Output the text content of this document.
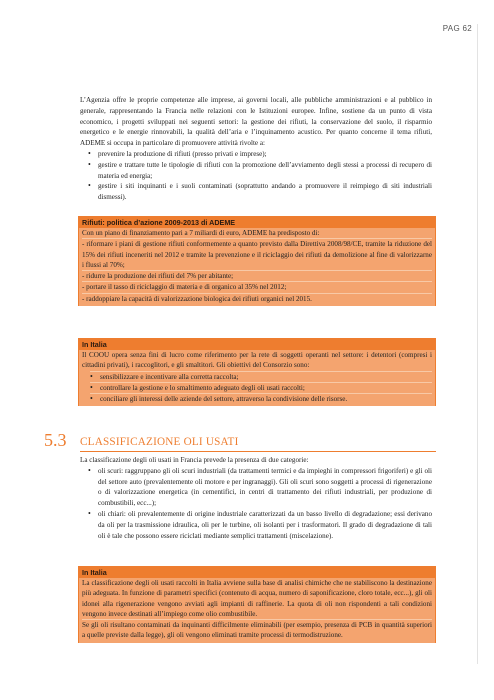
PAG 62

L’Agenzia offre le proprie competenze alle imprese, ai governi locali, alle pubbliche amministrazioni e al pubblico in generale, rappresentando la Francia nelle relazioni con le Istituzioni europee. Infine, sostiene da un punto di vista economico, i progetti sviluppati nei seguenti settori: la gestione dei rifiuti, la conservazione del suolo, il risparmio energetico e le energie rinnovabili, la qualità dell’aria e l’inquinamento acustico. Per quanto concerne il tema rifiuti, ADEME si occupa in particolare di promuovere attività rivolte a:

• prevenire la produzione di rifiuti (presso privati e imprese);
• gestire e trattare tutte le tipologie di rifiuti con la promozione dell’avviamento degli stessi a processi di recupero di materia ed energia;
• gestire i siti inquinanti e i suoli contaminati (soprattutto andando a promuovere il reimpiego di siti industriali dismessi).
Rifiuti: politica d’azione 2009-2013 di ADEME

Con un piano di finanziamento pari a 7 miliardi di euro, ADEME ha predisposto di:

- riformare i piani di gestione rifiuti conformemente a quanto previsto dalla Direttiva 2008/98/CE, tramite la riduzione del 15% dei rifiuti inceneriti nel 2012 e tramite la prevenzione e il riciclaggio dei rifiuti da demolizione al fine di valorizzarne i flussi al 70%;

- ridurre la produzione dei rifiuti del 7% per abitante;

- portare il tasso di riciclaggio di materia e di organico al 35% nel 2012;

- raddoppiare la capacità di valorizzazione biologica dei rifiuti organici nel 2015.

In Italia

Il COOU opera senza fini di lucro come riferimento per la rete di soggetti operanti nel settore: i detentori (compresi i cittadini privati), i raccoglitori, e gli smaltitori. Gli obiettivi del Consorzio sono:

• sensibilizzare e incentivare alla corretta raccolta;
• controllare la gestione e lo smaltimento adeguato degli oli usati raccolti;
• conciliare gli interessi delle aziende del settore, attraverso la condivisione delle risorse.
5.3 CLASSIFICAZIONE OLI USATI

La classificazione degli oli usati in Francia prevede la presenza di due categorie:

• oli scuri: raggruppano gli oli scuri industriali (da trattamenti termici e da impieghi in compressori frigoriferi) e gli oli del settore auto (prevalentemente oli motore e per ingranaggi). Gli oli scuri sono soggetti a processi di rigenerazione o di valorizzazione energetica (in cementifici, in centri di trattamento dei rifiuti industriali, per produzione di combustibili, ecc...);
• oli chiari: oli prevalentemente di origine industriale caratterizzati da un basso livello di degradazione; essi derivano da oli per la trasmissione idraulica, oli per le turbine, oli isolanti per i trasformatori. Il grado di degradazione di tali oli è tale che possono essere riciclati mediante semplici trattamenti (miscelazione).
In Italia

La classificazione degli oli usati raccolti in Italia avviene sulla base di analisi chimiche che ne stabiliscono la destinazione più adeguata. In funzione di parametri specifici (contenuto di acqua, numero di saponificazione, cloro totale, ecc...), gli oli idonei alla rigenerazione vengono avviati agli impianti di raffinerie. La quota di oli non rispondenti a tali condizioni vengono invece destinati all’impiego come olio combustibile.

Se gli oli risultano contaminati da inquinanti difficilmente eliminabili (per esempio, presenza di PCB in quantità superiori a quelle previste dalla legge), gli oli vengono eliminati tramite processi di termodistruzione.
